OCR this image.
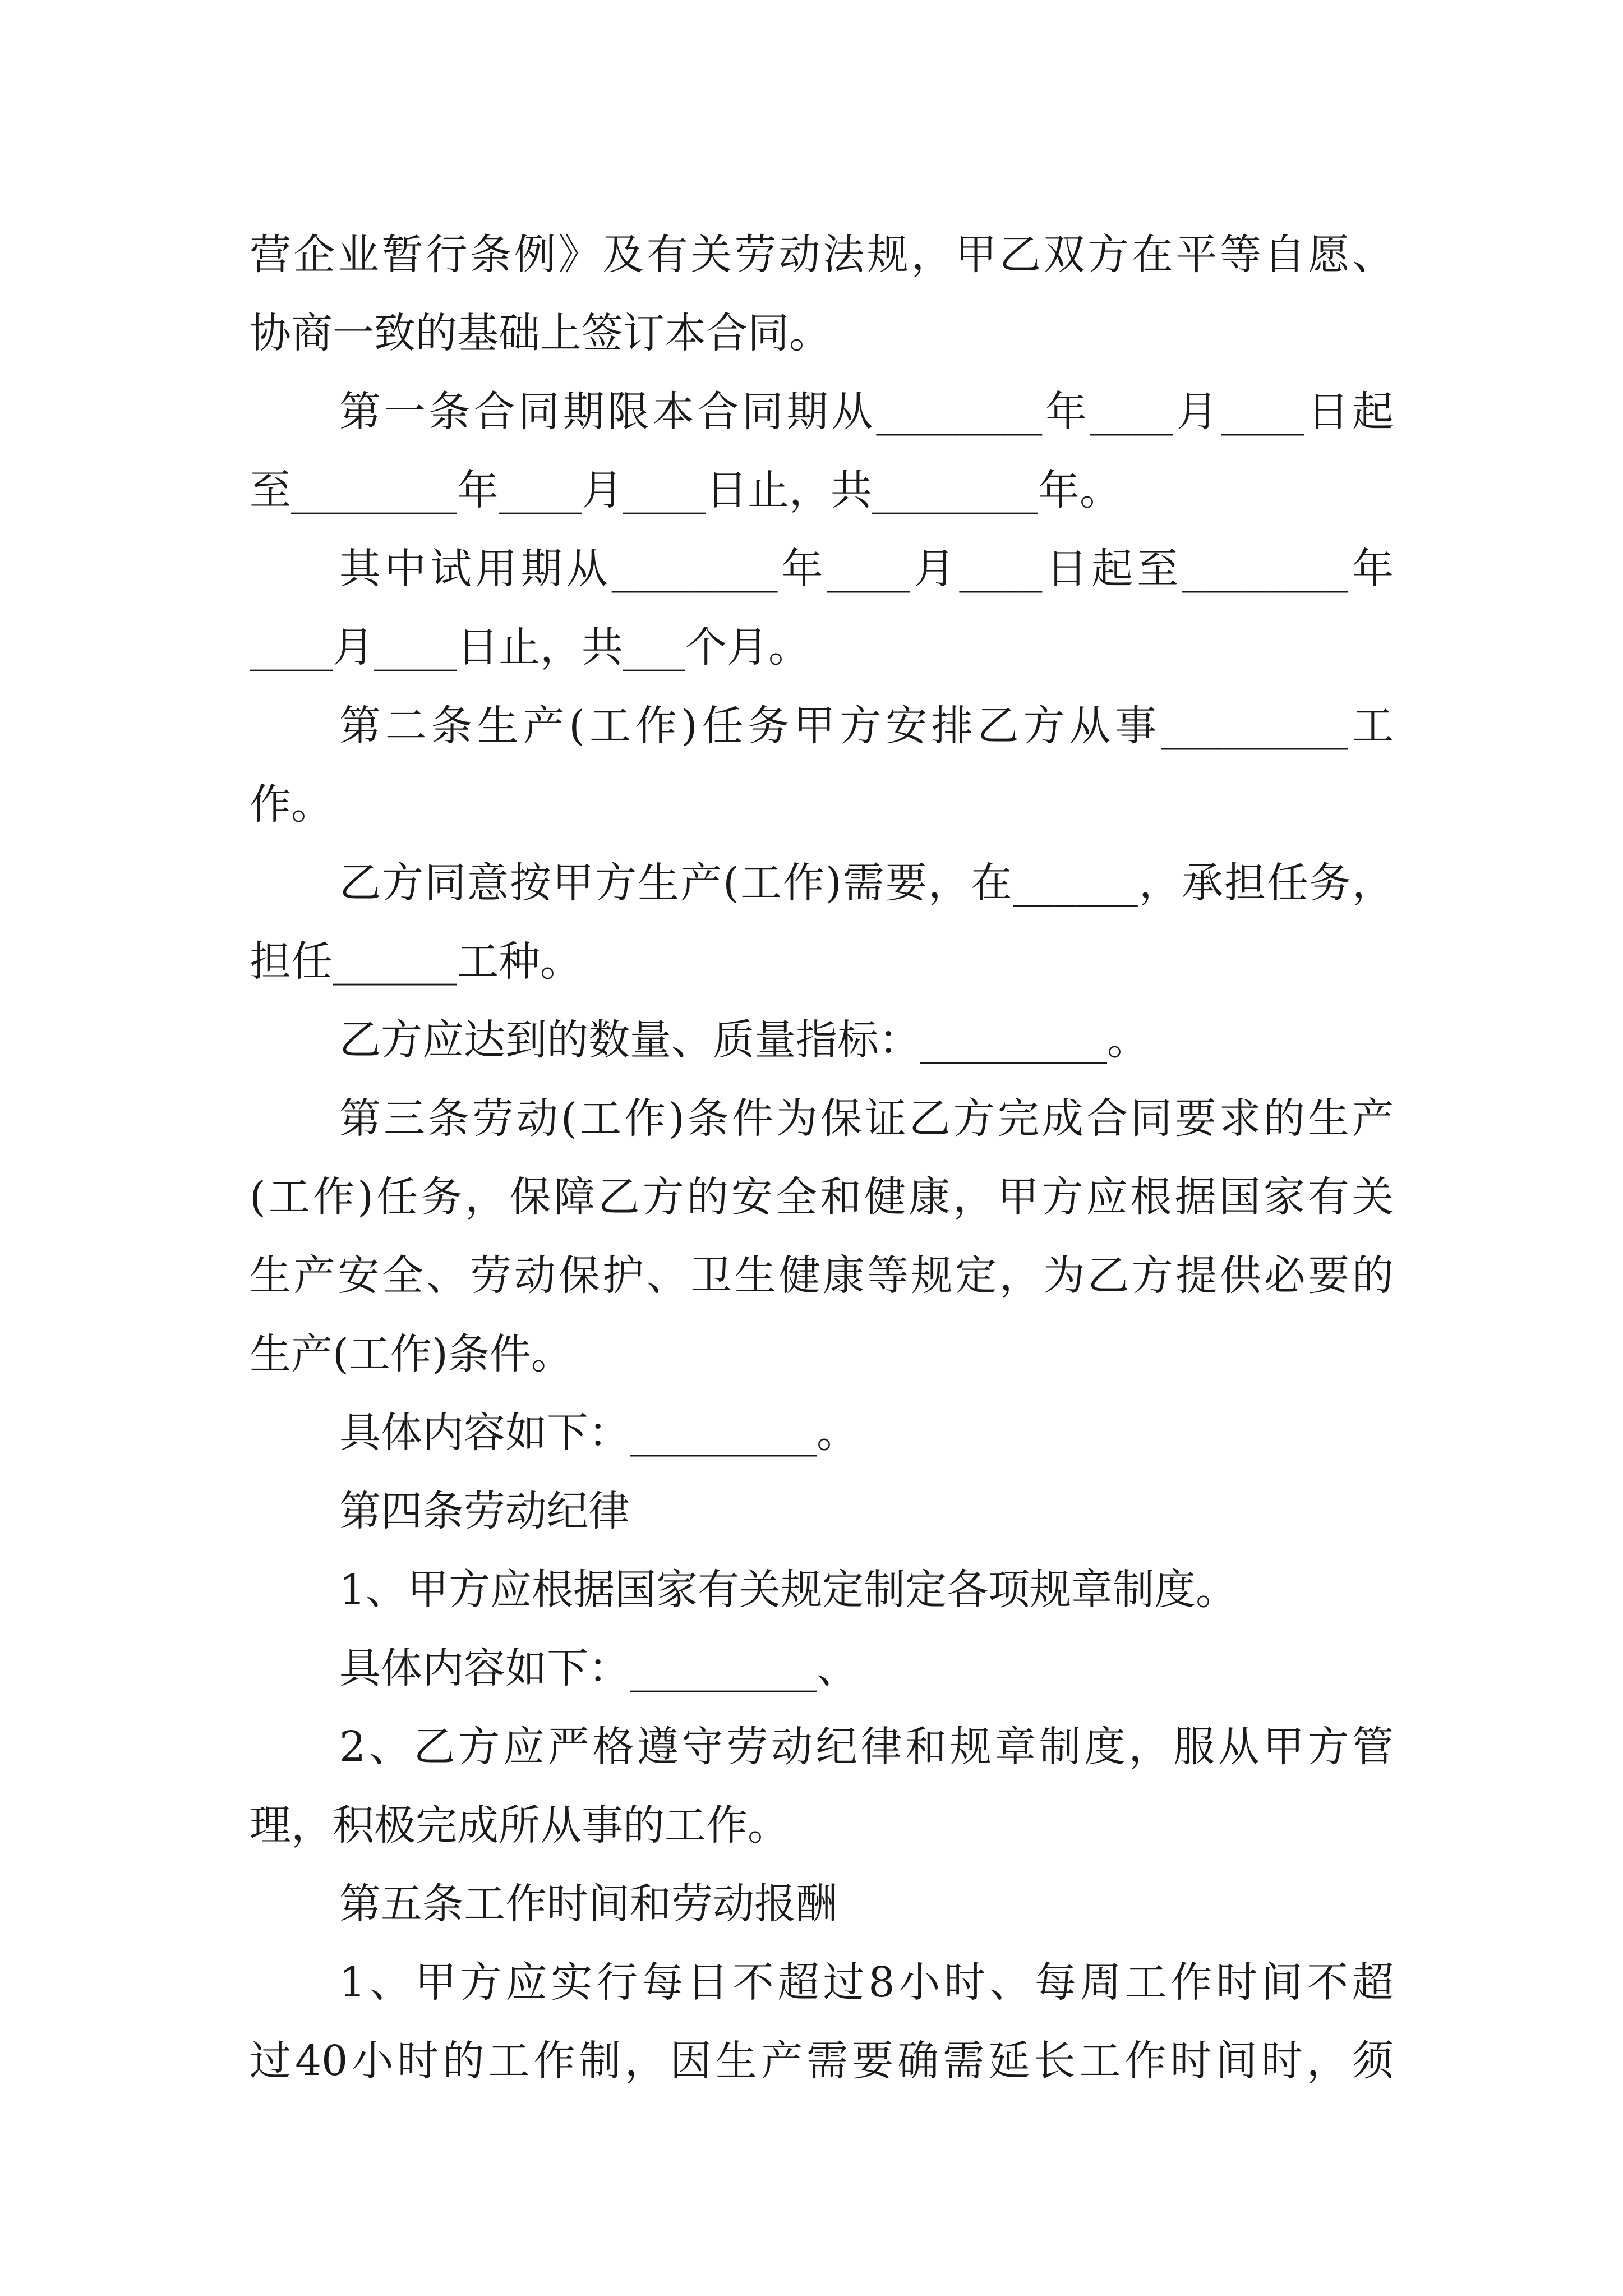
营企业暂行条例》及有关劳动法规，甲乙双方在平等自愿、
协商一致的基础上签订本合同。
第一条合同期限本合同期从________年____月____日起
至________年____月____日止，共________年。
其中试用期从________年____月____日起至________年
____月____日止，共___个月。
第二条生产(工作)任务甲方安排乙方从事_________工
作。
乙方同意按甲方生产(工作)需要，在______，承担任务，
担任______工种。
乙方应达到的数量、质量指标：_________。
第三条劳动(工作)条件为保证乙方完成合同要求的生产
(工作)任务，保障乙方的安全和健康，甲方应根据国家有关
生产安全、劳动保护、卫生健康等规定，为乙方提供必要的
生产(工作)条件。
具体内容如下：_________。
第四条劳动纪律
1、甲方应根据国家有关规定制定各项规章制度。
具体内容如下：_________、
2、乙方应严格遵守劳动纪律和规章制度，服从甲方管
理，积极完成所从事的工作。
第五条工作时间和劳动报酬
1、甲方应实行每日不超过8小时、每周工作时间不超
过40小时的工作制，因生产需要确需延长工作时间时，须
